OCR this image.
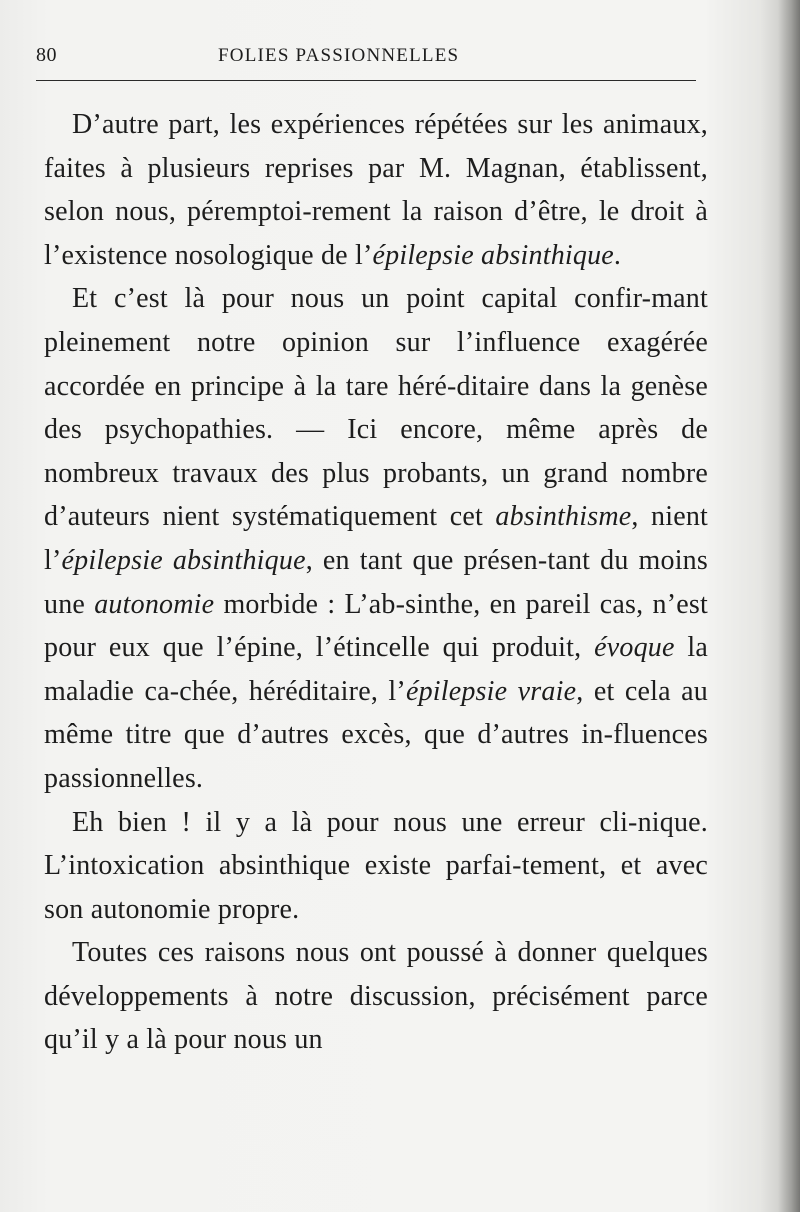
80	FOLIES PASSIONNELLES

D’autre part, les expériences répétées sur les animaux, faites à plusieurs reprises par M. Magnan, établissent, selon nous, péremptoi-rement la raison d’être, le droit à l’existence nosologique de l’épilepsie absinthique.

Et c’est là pour nous un point capital confir-mant pleinement notre opinion sur l’influence exagérée accordée en principe à la tare héré-ditaire dans la genèse des psychopathies. — Ici encore, même après de nombreux travaux des plus probants, un grand nombre d’auteurs nient systématiquement cet absinthisme, nient l’épilepsie absinthique, en tant que présen-tant du moins une autonomie morbide : L’ab-sinthe, en pareil cas, n’est pour eux que l’épine, l’étincelle qui produit, évoque la maladie ca-chée, héréditaire, l’épilepsie vraie, et cela au même titre que d’autres excès, que d’autres in-fluences passionnelles.

Eh bien ! il y a là pour nous une erreur cli-nique. L’intoxication absinthique existe parfai-tement, et avec son autonomie propre.

Toutes ces raisons nous ont poussé à donner quelques développements à notre discussion, précisément parce qu’il y a là pour nous un
